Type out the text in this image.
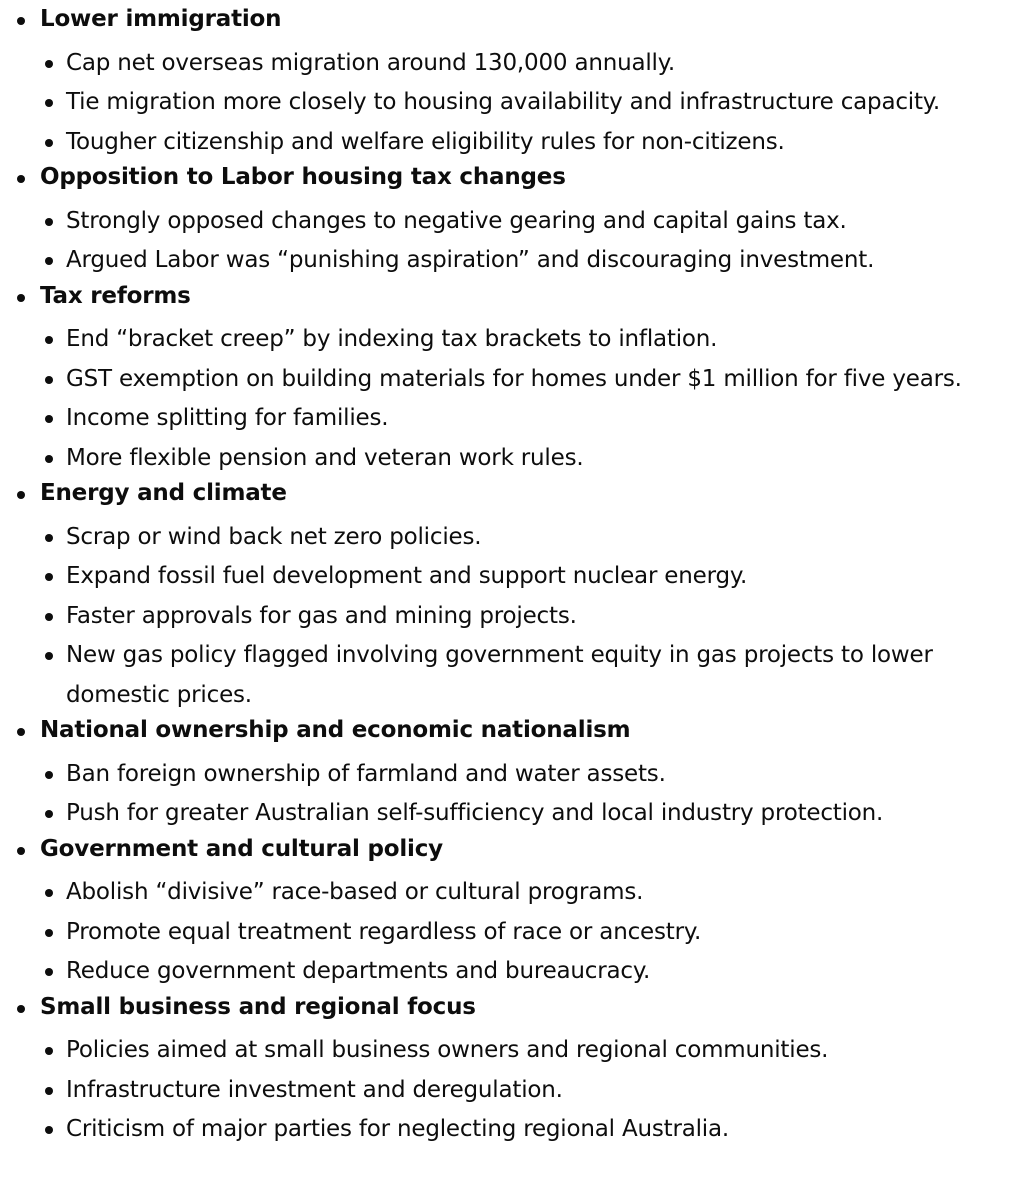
Lower immigration
Cap net overseas migration around 130,000 annually.
Tie migration more closely to housing availability and infrastructure capacity.
Tougher citizenship and welfare eligibility rules for non-citizens.
Opposition to Labor housing tax changes
Strongly opposed changes to negative gearing and capital gains tax.
Argued Labor was “punishing aspiration” and discouraging investment.
Tax reforms
End “bracket creep” by indexing tax brackets to inflation.
GST exemption on building materials for homes under $1 million for five years.
Income splitting for families.
More flexible pension and veteran work rules.
Energy and climate
Scrap or wind back net zero policies.
Expand fossil fuel development and support nuclear energy.
Faster approvals for gas and mining projects.
New gas policy flagged involving government equity in gas projects to lower domestic prices.
National ownership and economic nationalism
Ban foreign ownership of farmland and water assets.
Push for greater Australian self-sufficiency and local industry protection.
Government and cultural policy
Abolish “divisive” race-based or cultural programs.
Promote equal treatment regardless of race or ancestry.
Reduce government departments and bureaucracy.
Small business and regional focus
Policies aimed at small business owners and regional communities.
Infrastructure investment and deregulation.
Criticism of major parties for neglecting regional Australia.
